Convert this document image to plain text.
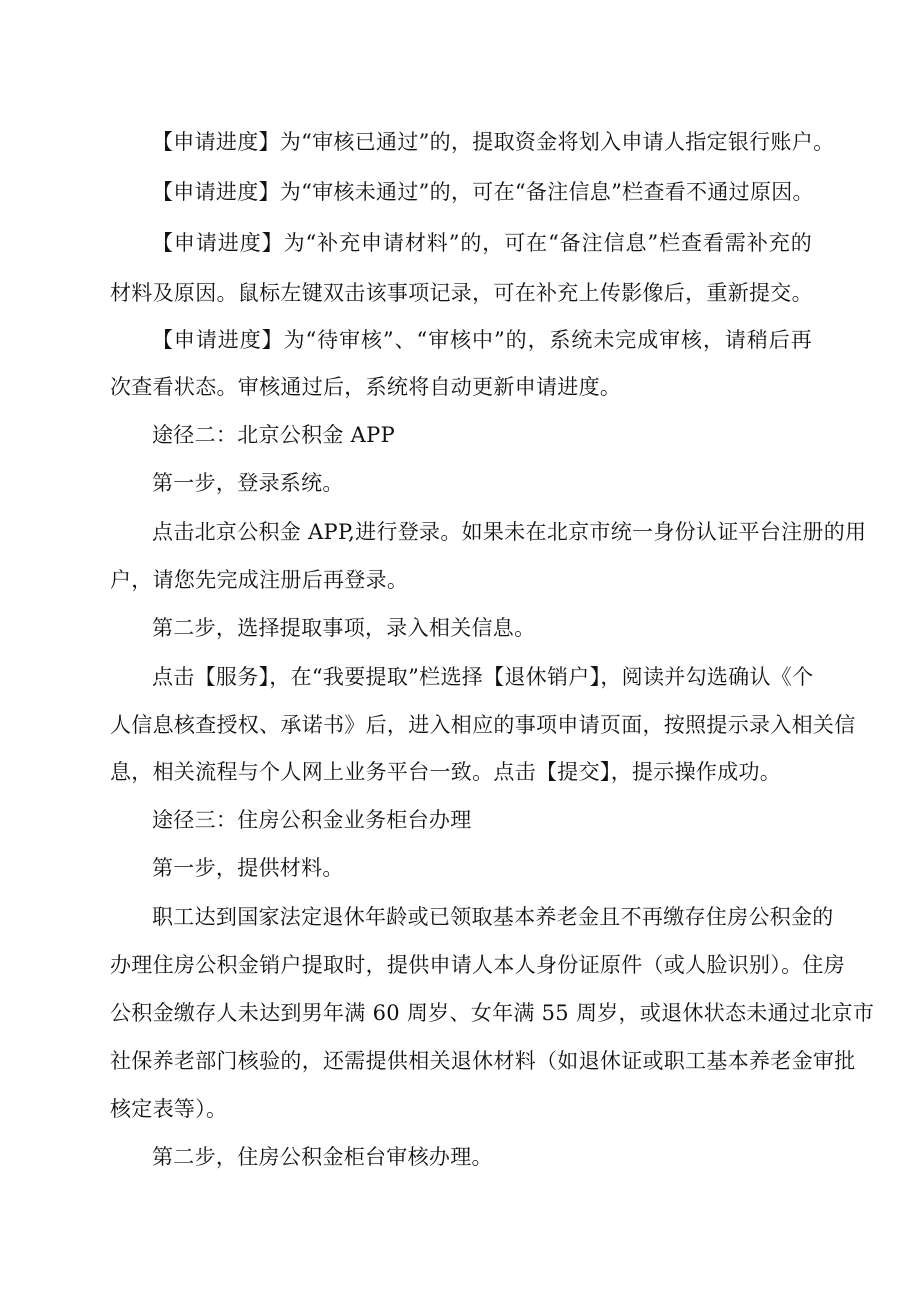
【申请进度】为“审核已通过”的，提取资金将划入申请人指定银行账户。
【申请进度】为“审核未通过”的，可在“备注信息”栏查看不通过原因。
【申请进度】为“补充申请材料”的，可在“备注信息”栏查看需补充的
材料及原因。鼠标左键双击该事项记录，可在补充上传影像后，重新提交。
【申请进度】为“待审核”、“审核中”的，系统未完成审核，请稍后再
次查看状态。审核通过后，系统将自动更新申请进度。
途径二：北京公积金 APP
第一步，登录系统。
点击北京公积金 APP,进行登录。如果未在北京市统一身份认证平台注册的用
户，请您先完成注册后再登录。
第二步，选择提取事项，录入相关信息。
点击【服务】，在“我要提取”栏选择【退休销户】，阅读并勾选确认《个
人信息核查授权、承诺书》后，进入相应的事项申请页面，按照提示录入相关信
息，相关流程与个人网上业务平台一致。点击【提交】，提示操作成功。
途径三：住房公积金业务柜台办理
第一步，提供材料。
职工达到国家法定退休年龄或已领取基本养老金且不再缴存住房公积金的
办理住房公积金销户提取时，提供申请人本人身份证原件（或人脸识别）。住房
公积金缴存人未达到男年满 60 周岁、女年满 55 周岁，或退休状态未通过北京市
社保养老部门核验的，还需提供相关退休材料（如退休证或职工基本养老金审批
核定表等）。
第二步，住房公积金柜台审核办理。
